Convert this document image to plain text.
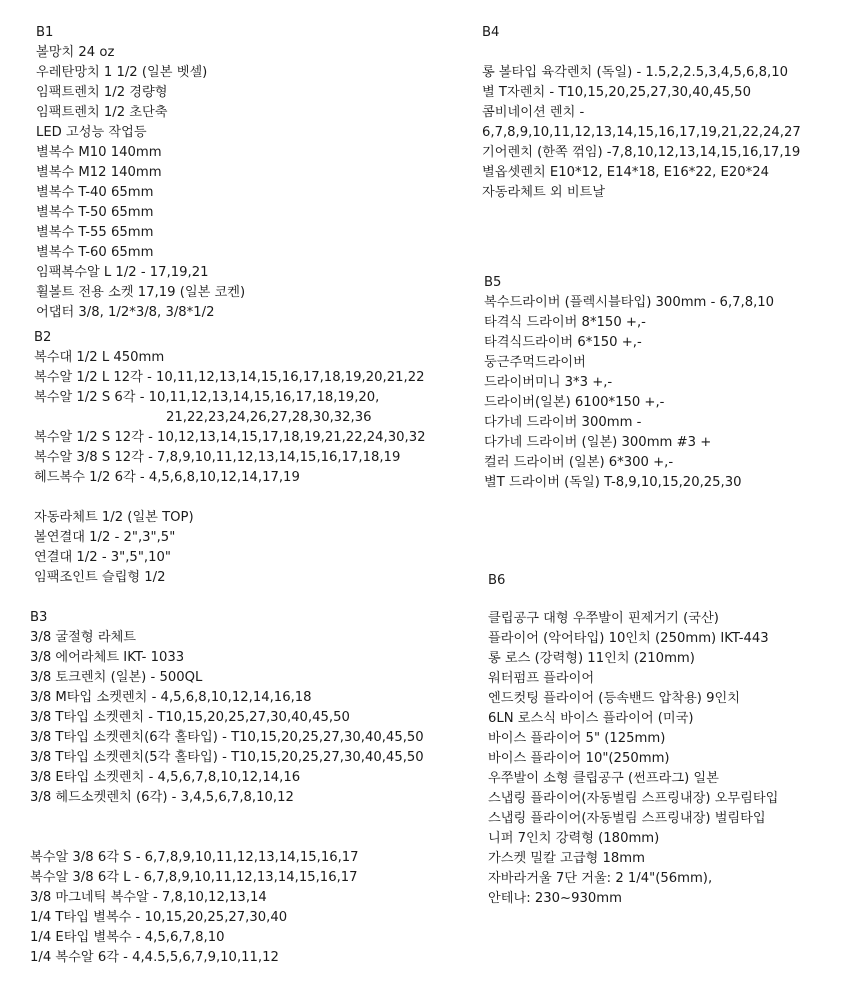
B1
볼망치 24 oz
우레탄망치 1 1/2 (일본 벳셀)
임팩트렌치 1/2 경량형
임팩트렌치 1/2 초단축
LED 고성능 작업등
별복수 M10 140mm
별복수 M12 140mm
별복수 T-40 65mm
별복수 T-50 65mm
별복수 T-55 65mm
별복수 T-60 65mm
임팩복수알 L 1/2 - 17,19,21
휠볼트 전용 소켓 17,19 (일본 코켄)
어댑터 3/8, 1/2*3/8, 3/8*1/2
B2
복수대 1/2 L 450mm
복수알 1/2 L 12각 - 10,11,12,13,14,15,16,17,18,19,20,21,22
복수알 1/2 S 6각 - 10,11,12,13,14,15,16,17,18,19,20,
21,22,23,24,26,27,28,30,32,36
복수알 1/2 S 12각 - 10,12,13,14,15,17,18,19,21,22,24,30,32
복수알 3/8 S 12각 - 7,8,9,10,11,12,13,14,15,16,17,18,19
헤드복수 1/2 6각 - 4,5,6,8,10,12,14,17,19
자동라체트 1/2 (일본 TOP)
볼연결대 1/2 - 2",3",5"
연결대 1/2 - 3",5",10"
임팩조인트 슬립형 1/2
B3
3/8 굴절형 라체트
3/8 에어라체트 IKT- 1033
3/8 토크렌치 (일본) - 500QL
3/8 M타입 소켓렌치 - 4,5,6,8,10,12,14,16,18
3/8 T타입 소켓렌치 - T10,15,20,25,27,30,40,45,50
3/8 T타입 소켓렌치(6각 홀타입) - T10,15,20,25,27,30,40,45,50
3/8 T타입 소켓렌치(5각 홀타입) - T10,15,20,25,27,30,40,45,50
3/8 E타입 소켓렌치 - 4,5,6,7,8,10,12,14,16
3/8 헤드소켓렌치 (6각) - 3,4,5,6,7,8,10,12
복수알 3/8 6각 S - 6,7,8,9,10,11,12,13,14,15,16,17
복수알 3/8 6각 L - 6,7,8,9,10,11,12,13,14,15,16,17
3/8 마그네틱 복수알 - 7,8,10,12,13,14
1/4 T타입 별복수 - 10,15,20,25,27,30,40
1/4 E타입 별복수 - 4,5,6,7,8,10
1/4 복수알 6각 - 4,4.5,5,6,7,9,10,11,12
B4
롱 볼타입 육각렌치 (독일) - 1.5,2,2.5,3,4,5,6,8,10
별 T자렌치 - T10,15,20,25,27,30,40,45,50
콤비네이션 렌치 -
6,7,8,9,10,11,12,13,14,15,16,17,19,21,22,24,27
기어렌치 (한쪽 꺾임) -7,8,10,12,13,14,15,16,17,19
별옵셋렌치 E10*12, E14*18, E16*22, E20*24
자동라체트 외 비트날
B5
복수드라이버 (플렉시블타입) 300mm - 6,7,8,10
타격식 드라이버 8*150 +,-
타격식드라이버 6*150 +,-
둥근주먹드라이버
드라이버미니 3*3 +,-
드라이버(일본) 6100*150 +,-
다가네 드라이버 300mm -
다가네 드라이버 (일본) 300mm #3 +
컬러 드라이버 (일본) 6*300 +,-
별T 드라이버 (독일) T-8,9,10,15,20,25,30
B6
클립공구 대형 우쭈발이 핀제거기 (국산)
플라이어 (악어타입) 10인치 (250mm) IKT-443
롱 로스 (강력형) 11인치 (210mm)
워터펌프 플라이어
엔드컷팅 플라이어 (등속밴드 압착용) 9인치
6LN 로스식 바이스 플라이어 (미국)
바이스 플라이어 5" (125mm)
바이스 플라이어 10"(250mm)
우쭈발이 소형 클립공구 (썬프라그) 일본
스냅링 플라이어(자동벌림 스프링내장) 오무림타입
스냅링 플라이어(자동벌림 스프링내장) 벌림타입
니퍼 7인치 강력형 (180mm)
가스켓 밀칼 고급형 18mm
자바라거울 7단 거울: 2 1/4"(56mm),
안테나: 230~930mm
